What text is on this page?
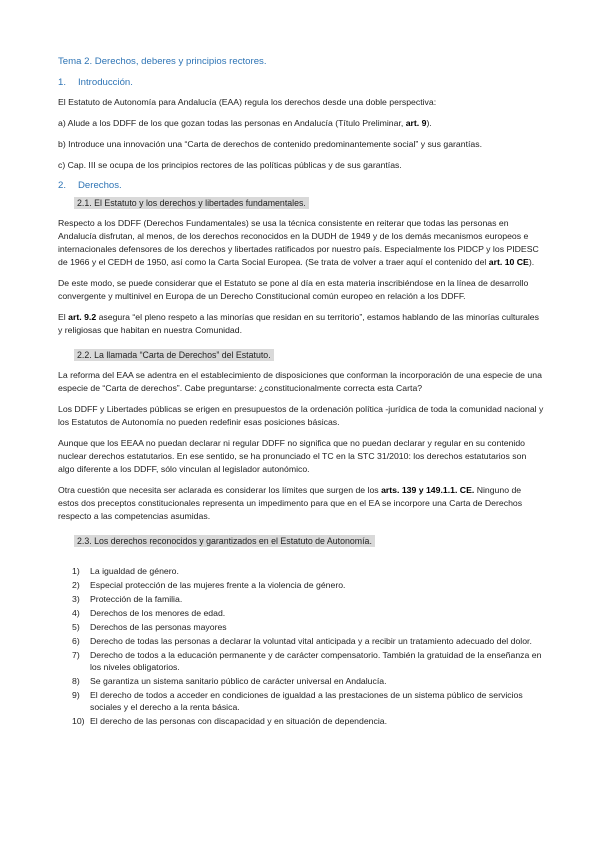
Tema 2. Derechos, deberes y principios rectores.
1. Introducción.

El Estatuto de Autonomía para Andalucía (EAA) regula los derechos desde una doble perspectiva:

a) Alude a los DDFF de los que gozan todas las personas en Andalucía (Título Preliminar, art. 9).

b) Introduce una innovación una “Carta de derechos de contenido predominantemente social” y sus garantías.

c) Cap. III se ocupa de los principios rectores de las políticas públicas y de sus garantías.

2. Derechos.
2.1. El Estatuto y los derechos y libertades fundamentales.

Respecto a los DDFF (Derechos Fundamentales) se usa la técnica consistente en reiterar que todas las personas en Andalucía disfrutan, al menos, de los derechos reconocidos en la DUDH de 1949 y de los demás mecanismos europeos e internacionales defensores de los derechos y libertades ratificados por nuestro país. Especialmente los PIDCP y los PIDESC de 1966 y el CEDH de 1950, así como la Carta Social Europea. (Se trata de volver a traer aquí el contenido del art. 10 CE).

De este modo, se puede considerar que el Estatuto se pone al día en esta materia inscribiéndose en la línea de desarrollo convergente y multinivel en Europa de un Derecho Constitucional común europeo en relación a los DDFF.

El art. 9.2 asegura “el pleno respeto a las minorías que residan en su territorio”, estamos hablando de las minorías culturales y religiosas que habitan en nuestra Comunidad.

2.2. La llamada “Carta de Derechos” del Estatuto.

La reforma del EAA se adentra en el establecimiento de disposiciones que conforman la incorporación de una especie de una especie de “Carta de derechos”. Cabe preguntarse: ¿constitucionalmente correcta esta Carta?

Los DDFF y Libertades públicas se erigen en presupuestos de la ordenación política -jurídica de toda la comunidad nacional y los Estatutos de Autonomía no pueden redefinir esas posiciones básicas.

Aunque que los EEAA no puedan declarar ni regular DDFF no significa que no puedan declarar y regular en su contenido nuclear derechos estatutarios. En ese sentido, se ha pronunciado el TC en la STC 31/2010: los derechos estatutarios son algo diferente a los DDFF, sólo vinculan al legislador autonómico.

Otra cuestión que necesita ser aclarada es considerar los límites que surgen de los arts. 139 y 149.1.1. CE. Ninguno de estos dos preceptos constitucionales representa un impedimento para que en el EA se incorpore una Carta de Derechos respecto a las competencias asumidas.

2.3. Los derechos reconocidos y garantizados en el Estatuto de Autonomía.
1)	La igualdad de género.
2)	Especial protección de las mujeres frente a la violencia de género.
3)	Protección de la familia.
4)	Derechos de los menores de edad.
5)	Derechos de las personas mayores
6)	Derecho de todas las personas a declarar la voluntad vital anticipada y a recibir un tratamiento adecuado del dolor.
7)	Derecho de todos a la educación permanente y de carácter compensatorio. También la gratuidad de la enseñanza en los niveles obligatorios.
8)	Se garantiza un sistema sanitario público de carácter universal en Andalucía.
9)	El derecho de todos a acceder en condiciones de igualdad a las prestaciones de un sistema público de servicios sociales y el derecho a la renta básica.
10) El derecho de las personas con discapacidad y en situación de dependencia.
